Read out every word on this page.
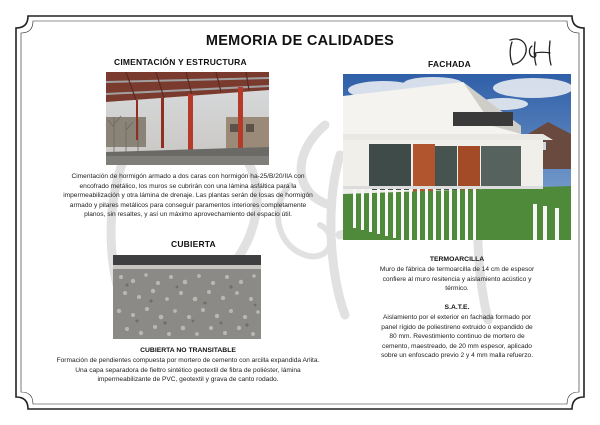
MEMORIA DE CALIDADES
CIMENTACIÓN Y ESTRUCTURA
Cimentación de hormigón armado a dos caras con hormigón ha-25/B/20/IIA con
encofrado metálico, los muros se cubrirán con una lámina asfáltica para la
impermeabilización y otra lámina de drenaje. Las plantas serán de losas de hormigón
armado y pilares metálicos para conseguir paramentos interiores completamente
planos, sin resaltes, y así un máximo aprovechamiento del espacio útil.
CUBIERTA
CUBIERTA NO TRANSITABLE
Formación de pendientes compuesta por mortero de cemento con arcilla expandida Arlita.
Una capa separadora de fieltro sintético geotextil de fibra de poliéster, lámina
impermeabilizante de PVC, geotextil y grava de canto rodado.
FACHADA
TERMOARCILLA
Muro de fábrica de termoarcilla de 14 cm de espesor
confiere al muro resitencia y aislamiento acústico y
térmico.
S.A.T.E.
Aislamiento por el exterior en fachada formado por
panel rígido de poliestireno extruido o expandido de
80 mm. Revestimiento continuo de mortero de
cemento, maestreado, de 20 mm espesor, aplicado
sobre un enfoscado previo 2 y 4 mm malla refuerzo.
